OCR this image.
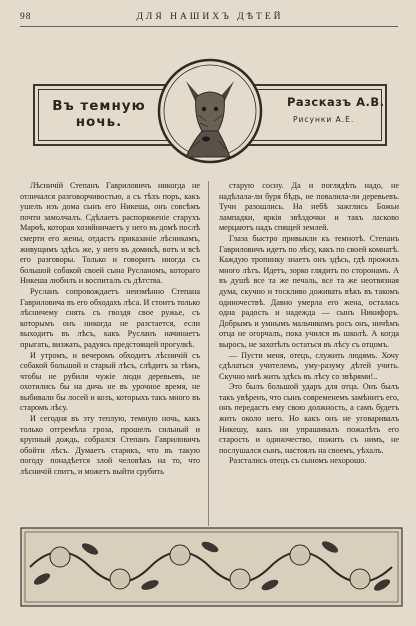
98	ДЛЯ НАШИХЪ ДѢТЕЙ
Въ темную ночь.
Разсказъ А.В.
Рисунки А.Е.

Лѣсничій Степанъ Гавриловичъ никогда не отличался разговорчивостью, а съ тѣхъ поръ, какъ ушелъ изъ дома сынъ его Никеша, онъ совсѣмъ почти замолчалъ. Сдѣлаетъ распоряженіе старухъ Марѳѣ, которая хозяйничаетъ у него въ домѣ послѣ смерти его жены, отдастъ приказаніе лѣсникамъ, живущимъ здѣсь же, у него въ домикѣ, вотъ и всѣ его разговоры. Только и говоритъ иногда съ большой собакой своей сына Русланомъ, котораго Никеша любилъ и воспиталъ съ дѣтства.

Русланъ сопровождаетъ неизмѣнно Степана Гавриловича въ его обходахъ лѣса. И стоитъ только лѣсничему снять съ гвоздя свое ружье, съ которымъ онъ никогда не разстается, если выходитъ въ лѣсъ, какъ Русланъ начинаетъ прыгать, визжать, радуясь предстоящей прогулкѣ.

И утромъ, и вечеромъ обходитъ лѣсничій съ собакой большой и старый лѣсъ, слѣдитъ за тѣмъ, чтобы не рубили чужіе люди деревьевъ, не охотились бы на дичь не въ урочное время, не выбивали бы лосей и козъ, которыхъ такъ много въ старомъ лѣсу.

И сегодня въ эту теплую, темную ночь, какъ только отгремѣла гроза, прошелъ сильный и крупный дождь, собрался Степанъ Гавриловичъ обойти лѣсъ. Думаетъ старикъ, что въ такую погоду понадѣется злой человѣкъ на то, что лѣсничій спитъ, и можетъ выйти срубить

старую сосну. Да и поглядѣть надо, не надѣлала-ли буря бѣдъ, не повалила-ли деревьевъ. Тучи разошлись. На небѣ зажглись Божьи лампадки, яркія звѣздочки и такъ ласково мерцаютъ надъ спящей землей.

Глаза быстро привыкли къ темнотѣ. Степанъ Гавриловичъ идетъ по лѣсу, какъ по своей комнатѣ. Каждую тропинку знаетъ онъ здѣсь, гдѣ прожилъ много лѣтъ. Идетъ, зорко глядитъ по сторонамъ. А въ душѣ все та же печаль, все та же неотвязная дума, скучно и тоскливо доживать вѣкъ въ такомъ одиночествѣ. Давно умерла его жена, осталась одна радость и надежда — сынъ Никифоръ. Добрымъ и умнымъ мальчикомъ росъ онъ, ничѣмъ отца не огорчалъ, пока учился въ школѣ. А когда выросъ, не захотѣлъ остаться въ лѣсу съ отцомъ.

— Пусти меня, отецъ, служить людямъ. Хочу сдѣлаться учителемъ, уму-разуму дѣтей учить. Скучно мнѣ жить здѣсь въ лѣсу со звѣрями!..

Это былъ большой ударъ для отца. Онъ былъ такъ увѣренъ, что сынъ современемъ замѣнитъ его, онъ передастъ ему свою должность, а самъ будетъ жить около него. Но какъ онъ не уговаривалъ Никешу, какъ ни упрашивалъ пожалѣть его старость и одиночество, пожить съ нимъ, не послушался сынъ, настоялъ на своемъ, уѣхалъ.

Разстались отецъ съ сыномъ нехорошо.
